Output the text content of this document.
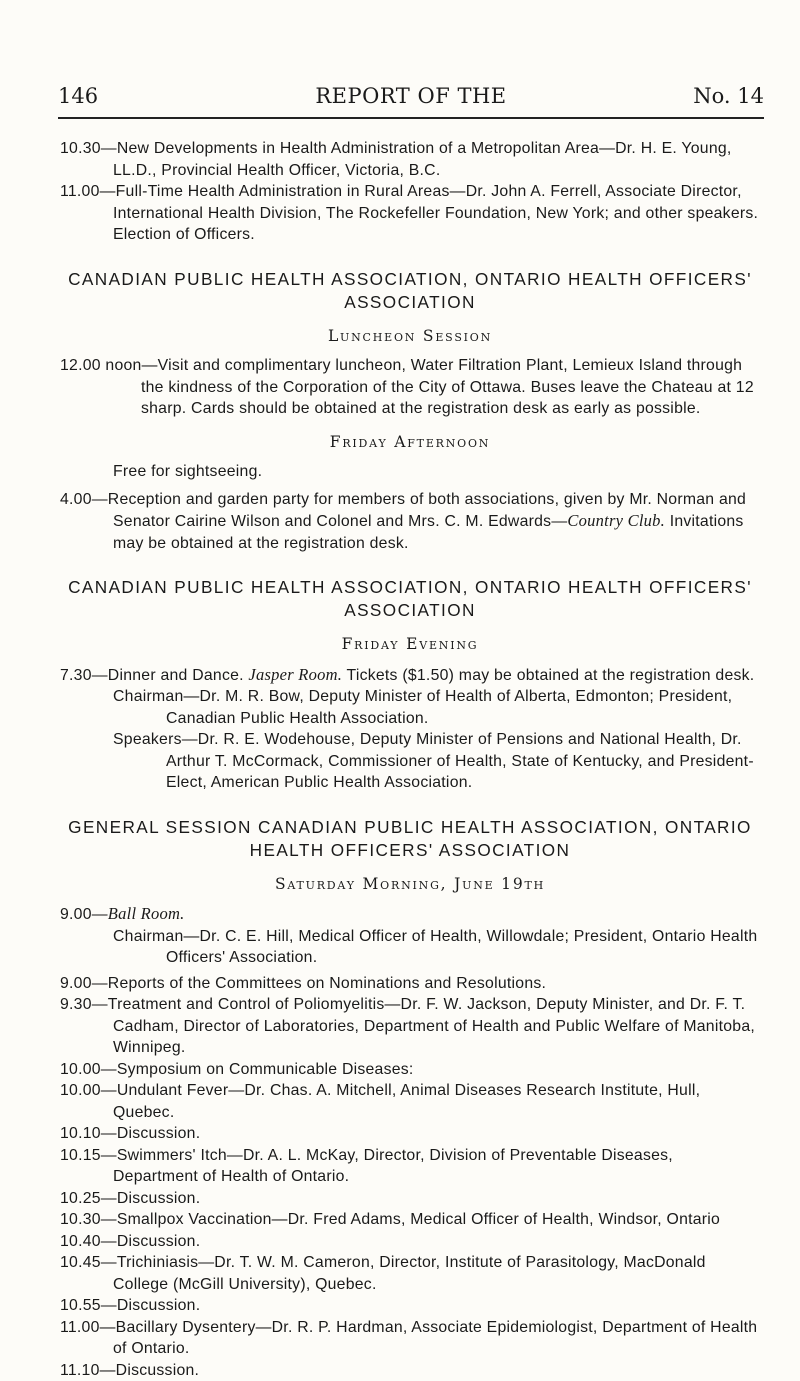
146	REPORT OF THE	No. 14

10.30—New Developments in Health Administration of a Metropolitan Area—Dr. H. E. Young, LL.D., Provincial Health Officer, Victoria, B.C.

11.00—Full-Time Health Administration in Rural Areas—Dr. John A. Ferrell, Associate Director, International Health Division, The Rockefeller Foundation, New York; and other speakers.

Election of Officers.

CANADIAN PUBLIC HEALTH ASSOCIATION, ONTARIO HEALTH OFFICERS'
ASSOCIATION
Luncheon Session

12.00 noon—Visit and complimentary luncheon, Water Filtration Plant, Lemieux Island through the kindness of the Corporation of the City of Ottawa. Buses leave the Chateau at 12 sharp. Cards should be obtained at the registration desk as early as possible.

Friday Afternoon

Free for sightseeing.

4.00—Reception and garden party for members of both associations, given by Mr. Norman and Senator Cairine Wilson and Colonel and Mrs. C. M. Edwards—Country Club. Invitations may be obtained at the registration desk.

CANADIAN PUBLIC HEALTH ASSOCIATION, ONTARIO HEALTH OFFICERS'
ASSOCIATION
Friday Evening

7.30—Dinner and Dance. Jasper Room. Tickets ($1.50) may be obtained at the registration desk.

Chairman—Dr. M. R. Bow, Deputy Minister of Health of Alberta, Edmonton; President, Canadian Public Health Association.

Speakers—Dr. R. E. Wodehouse, Deputy Minister of Pensions and National Health, Dr. Arthur T. McCormack, Commissioner of Health, State of Kentucky, and President-Elect, American Public Health Association.

GENERAL SESSION CANADIAN PUBLIC HEALTH ASSOCIATION, ONTARIO
HEALTH OFFICERS' ASSOCIATION
Saturday Morning, June 19th

9.00—Ball Room.

Chairman—Dr. C. E. Hill, Medical Officer of Health, Willowdale; President, Ontario Health Officers' Association.

9.00—Reports of the Committees on Nominations and Resolutions.

9.30—Treatment and Control of Poliomyelitis—Dr. F. W. Jackson, Deputy Minister, and Dr. F. T. Cadham, Director of Laboratories, Department of Health and Public Welfare of Manitoba, Winnipeg.

10.00—Symposium on Communicable Diseases:

10.00—Undulant Fever—Dr. Chas. A. Mitchell, Animal Diseases Research Institute, Hull, Quebec.

10.10—Discussion.

10.15—Swimmers' Itch—Dr. A. L. McKay, Director, Division of Preventable Diseases, Department of Health of Ontario.

10.25—Discussion.

10.30—Smallpox Vaccination—Dr. Fred Adams, Medical Officer of Health, Windsor, Ontario

10.40—Discussion.

10.45—Trichiniasis—Dr. T. W. M. Cameron, Director, Institute of Parasitology, MacDonald College (McGill University), Quebec.

10.55—Discussion.

11.00—Bacillary Dysentery—Dr. R. P. Hardman, Associate Epidemiologist, Department of Health of Ontario.

11.10—Discussion.
